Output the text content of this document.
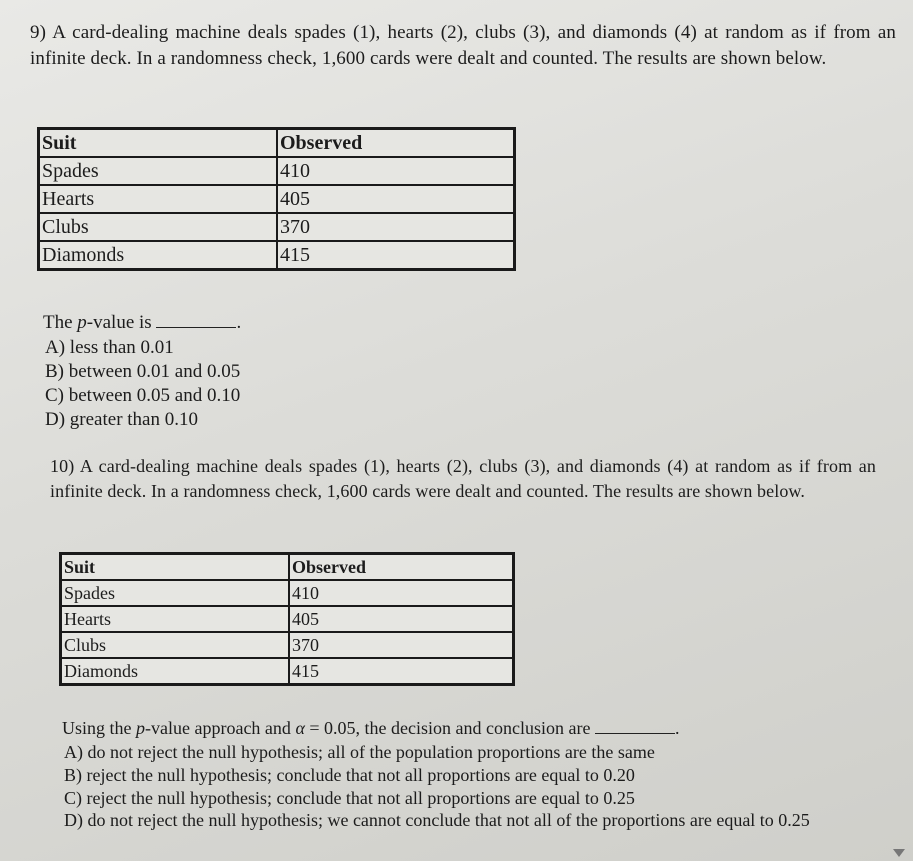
9) A card-dealing machine deals spades (1), hearts (2), clubs (3), and diamonds (4) at random as if from an infinite deck. In a randomness check, 1,600 cards were dealt and counted. The results are shown below.
Suit	Observed
Spades	410
Hearts	405
Clubs	370
Diamonds	415
The p-value is	.
A) less than 0.01
B) between 0.01 and 0.05
C) between 0.05 and 0.10
D) greater than 0.10
10) A card-dealing machine deals spades (1), hearts (2), clubs (3), and diamonds (4) at random as if from an infinite deck. In a randomness check, 1,600 cards were dealt and counted. The results are shown below.
Suit	Observed
Spades	410
Hearts	405
Clubs	370
Diamonds	415
Using the p-value approach and α = 0.05, the decision and conclusion are	.
A) do not reject the null hypothesis; all of the population proportions are the same
B) reject the null hypothesis; conclude that not all proportions are equal to 0.20
C) reject the null hypothesis; conclude that not all proportions are equal to 0.25
D) do not reject the null hypothesis; we cannot conclude that not all of the proportions are equal to 0.25
